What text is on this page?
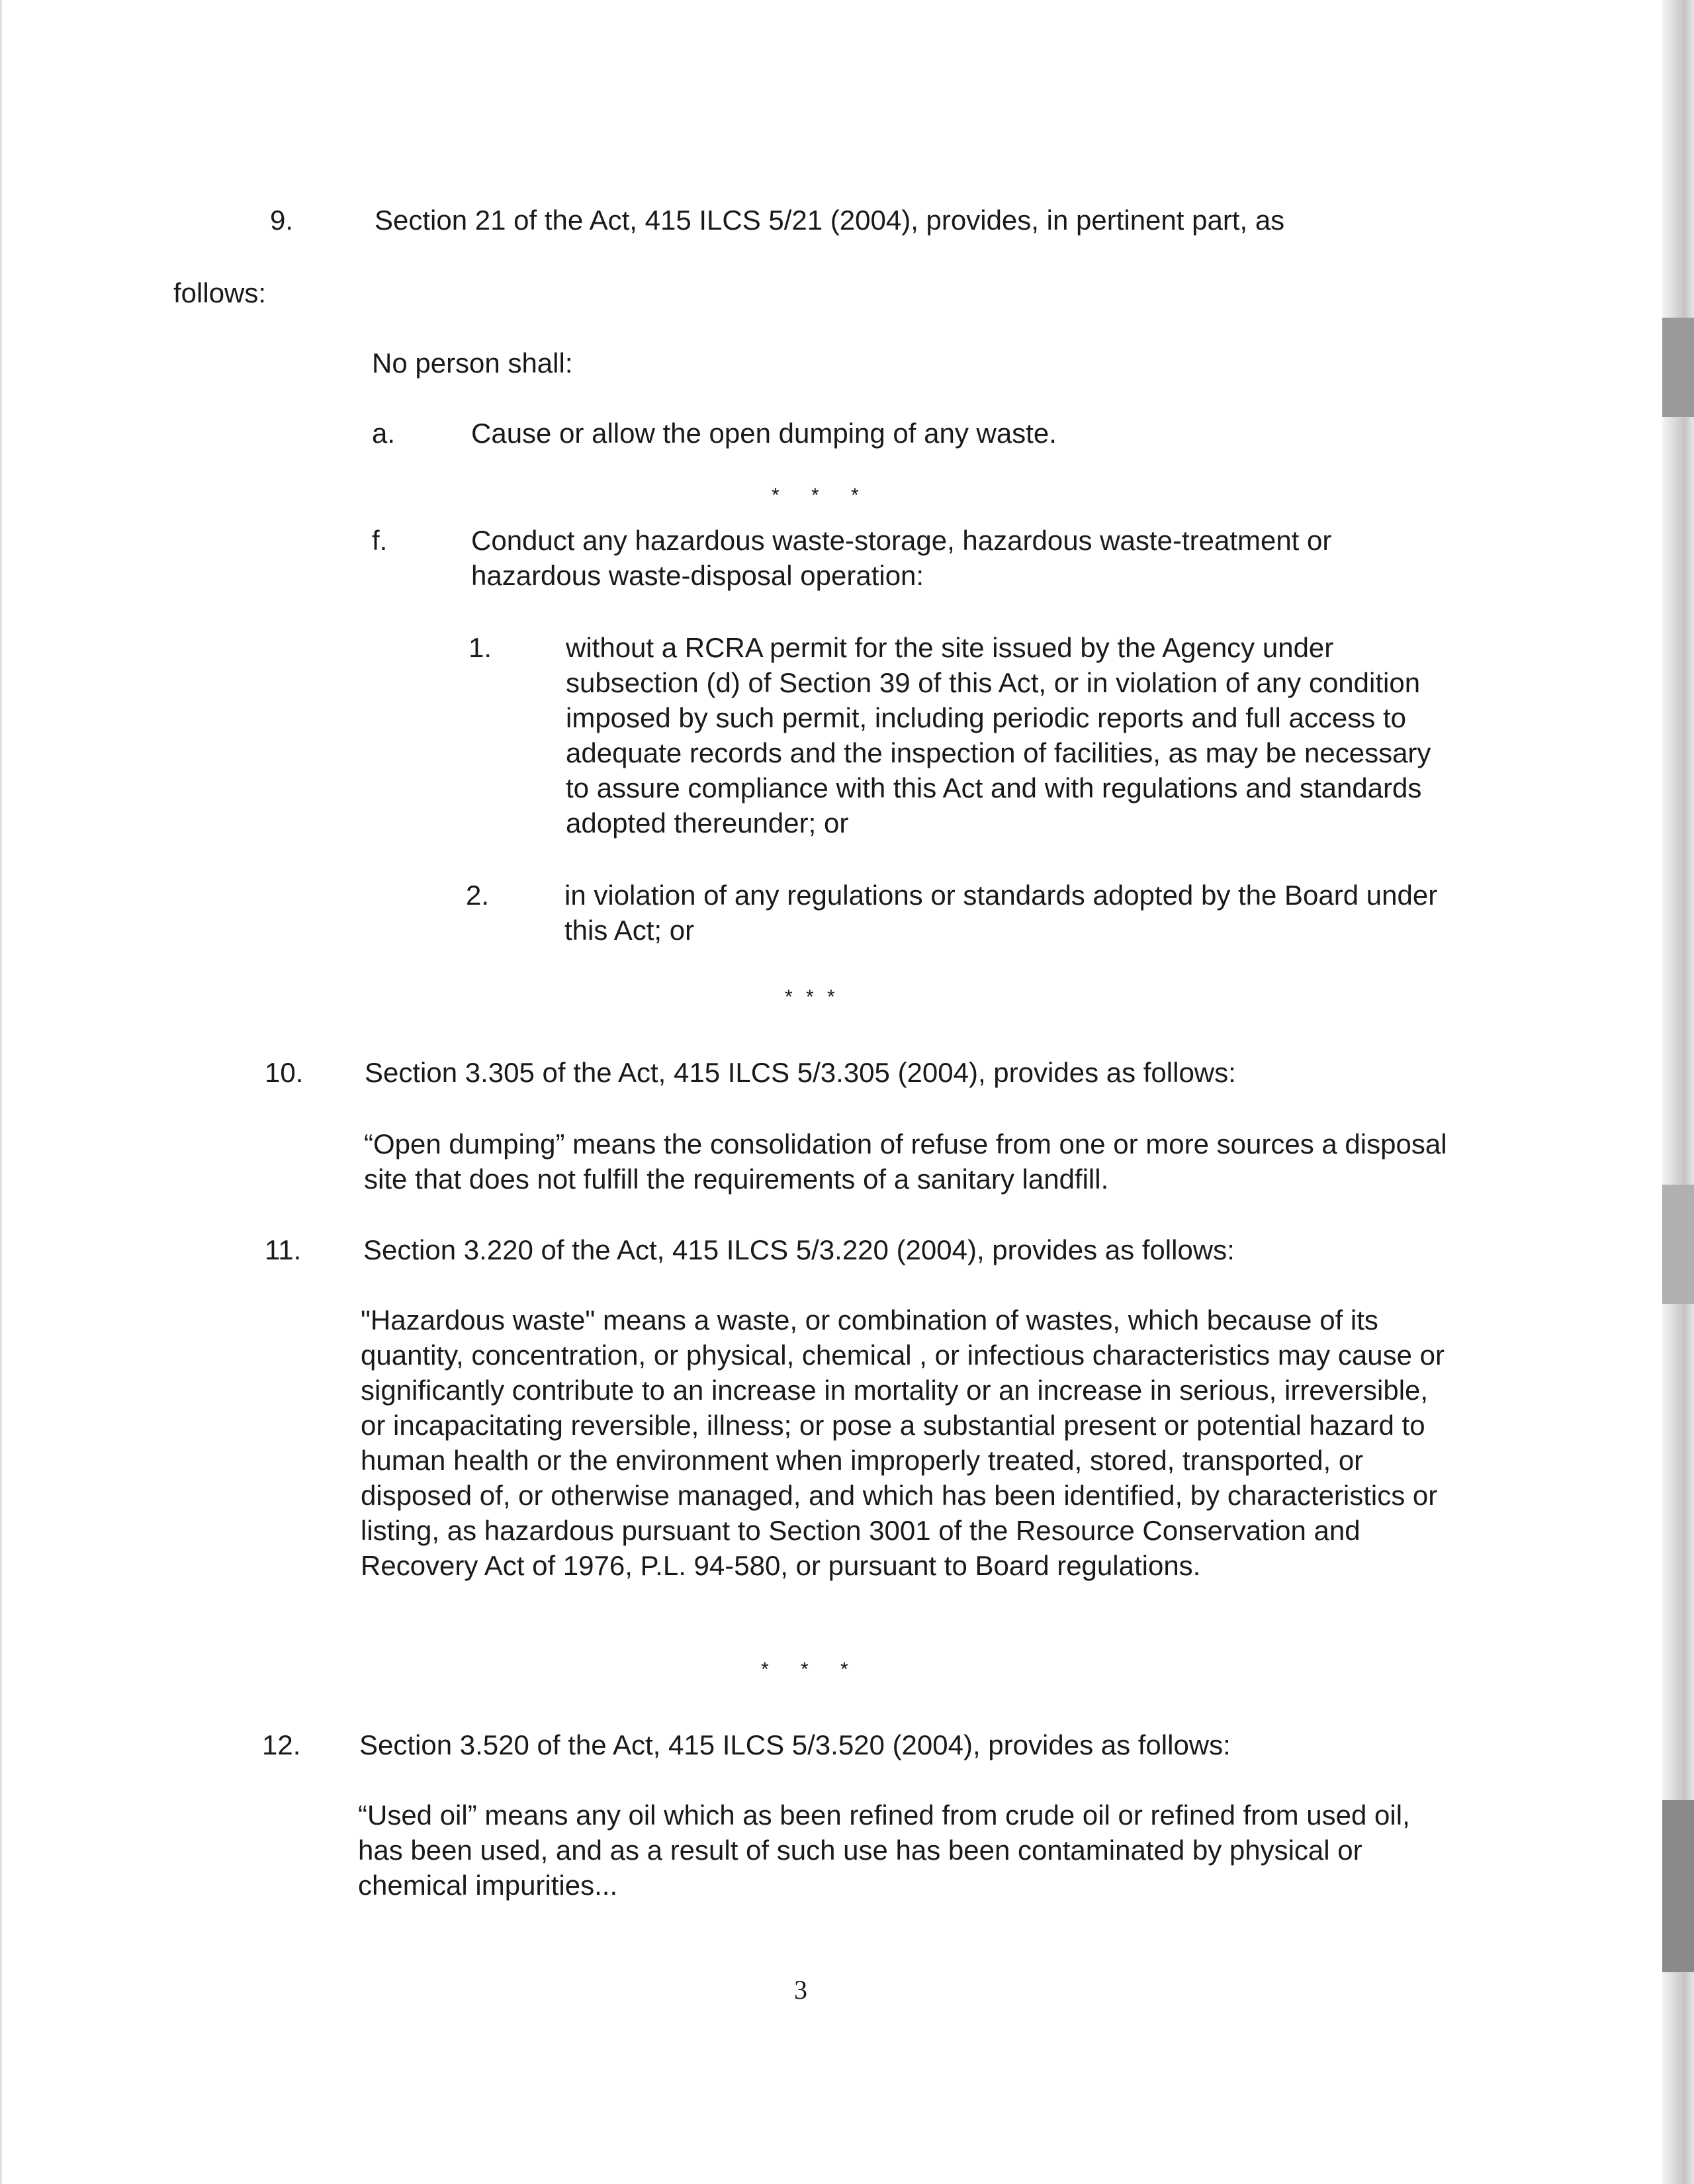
9.	Section 21 of the Act, 415 ILCS 5/21 (2004), provides, in pertinent part, as

follows:

No person shall:

a.	Cause or allow the open dumping of any waste.

* * *

f.	Conduct any hazardous waste-storage, hazardous waste-treatment or hazardous waste-disposal operation:

1.	without a RCRA permit for the site issued by the Agency under subsection (d) of Section 39 of this Act, or in violation of any condition imposed by such permit, including periodic reports and full access to adequate records and the inspection of facilities, as may be necessary to assure compliance with this Act and with regulations and standards adopted thereunder; or

2.	in violation of any regulations or standards adopted by the Board under this Act; or

* * *

10. Section 3.305 of the Act, 415 ILCS 5/3.305 (2004), provides as follows:

“Open dumping” means the consolidation of refuse from one or more sources a disposal site that does not fulfill the requirements of a sanitary landfill.

11. Section 3.220 of the Act, 415 ILCS 5/3.220 (2004), provides as follows:

"Hazardous waste" means a waste, or combination of wastes, which because of its quantity, concentration, or physical, chemical , or infectious characteristics may cause or significantly contribute to an increase in mortality or an increase in serious, irreversible, or incapacitating reversible, illness; or pose a substantial present or potential hazard to human health or the environment when improperly treated, stored, transported, or disposed of, or otherwise managed, and which has been identified, by characteristics or listing, as hazardous pursuant to Section 3001 of the Resource Conservation and Recovery Act of 1976, P.L. 94-580, or pursuant to Board regulations.

* * *

12. Section 3.520 of the Act, 415 ILCS 5/3.520 (2004), provides as follows:

“Used oil” means any oil which as been refined from crude oil or refined from used oil, has been used, and as a result of such use has been contaminated by physical or chemical impurities...

3
